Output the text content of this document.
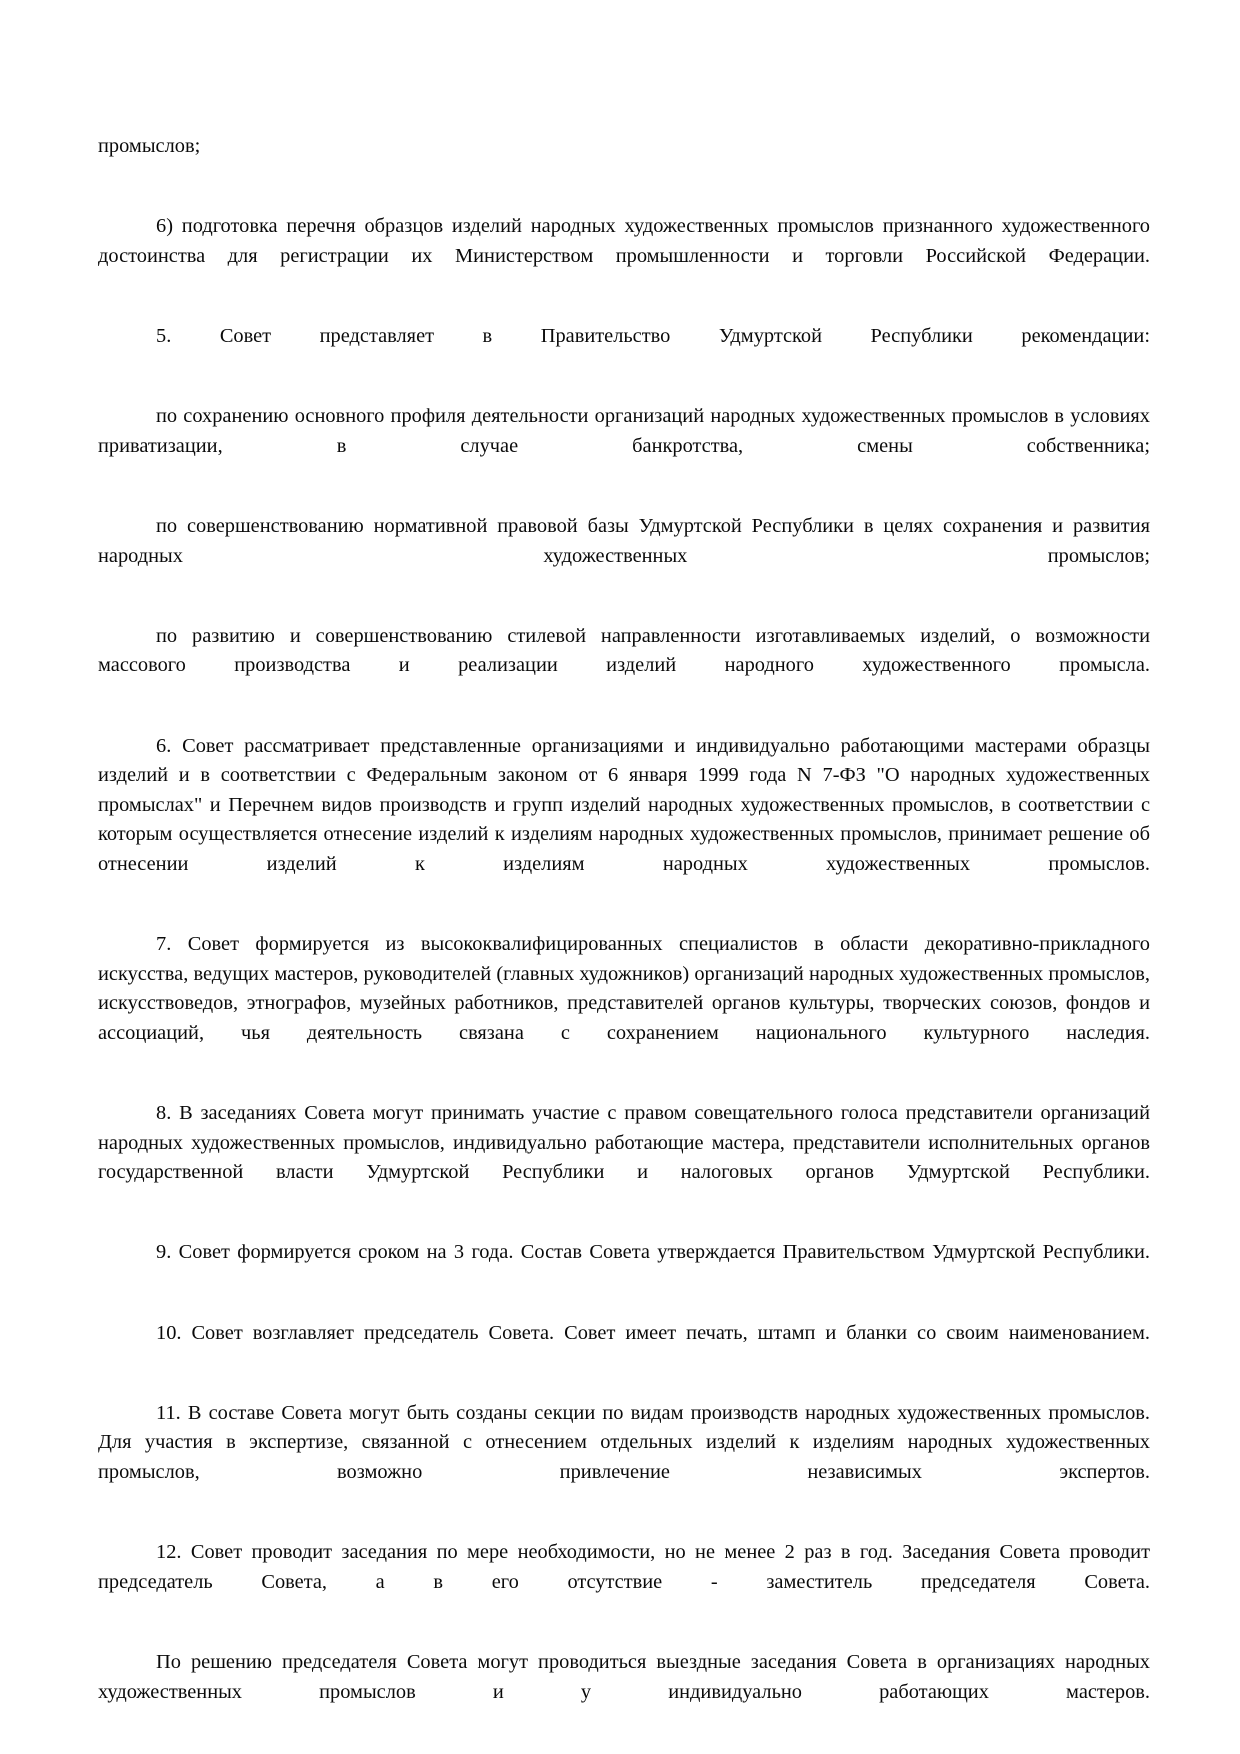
промыслов;

6) подготовка перечня образцов изделий народных художественных промыслов признанного художественного достоинства для регистрации их Министерством промышленности и торговли Российской Федерации.

5. Совет представляет в Правительство Удмуртской Республики рекомендации:

по сохранению основного профиля деятельности организаций народных художественных промыслов в условиях приватизации, в случае банкротства, смены собственника;

по совершенствованию нормативной правовой базы Удмуртской Республики в целях сохранения и развития народных художественных промыслов;

по развитию и совершенствованию стилевой направленности изготавливаемых изделий, о возможности массового производства и реализации изделий народного художественного промысла.

6. Совет рассматривает представленные организациями и индивидуально работающими мастерами образцы изделий и в соответствии с Федеральным законом от 6 января 1999 года N 7-ФЗ "О народных художественных промыслах" и Перечнем видов производств и групп изделий народных художественных промыслов, в соответствии с которым осуществляется отнесение изделий к изделиям народных художественных промыслов, принимает решение об отнесении изделий к изделиям народных художественных промыслов.

7. Совет формируется из высококвалифицированных специалистов в области декоративно-прикладного искусства, ведущих мастеров, руководителей (главных художников) организаций народных художественных промыслов, искусствоведов, этнографов, музейных работников, представителей органов культуры, творческих союзов, фондов и ассоциаций, чья деятельность связана с сохранением национального культурного наследия.

8. В заседаниях Совета могут принимать участие с правом совещательного голоса представители организаций народных художественных промыслов, индивидуально работающие мастера, представители исполнительных органов государственной власти Удмуртской Республики и налоговых органов Удмуртской Республики.

9. Совет формируется сроком на 3 года. Состав Совета утверждается Правительством Удмуртской Республики.

10. Совет возглавляет председатель Совета. Совет имеет печать, штамп и бланки со своим наименованием.

11. В составе Совета могут быть созданы секции по видам производств народных художественных промыслов. Для участия в экспертизе, связанной с отнесением отдельных изделий к изделиям народных художественных промыслов, возможно привлечение независимых экспертов.

12. Совет проводит заседания по мере необходимости, но не менее 2 раз в год. Заседания Совета проводит председатель Совета, а в его отсутствие - заместитель председателя Совета.

По решению председателя Совета могут проводиться выездные заседания Совета в организациях народных художественных промыслов и у индивидуально работающих мастеров.
